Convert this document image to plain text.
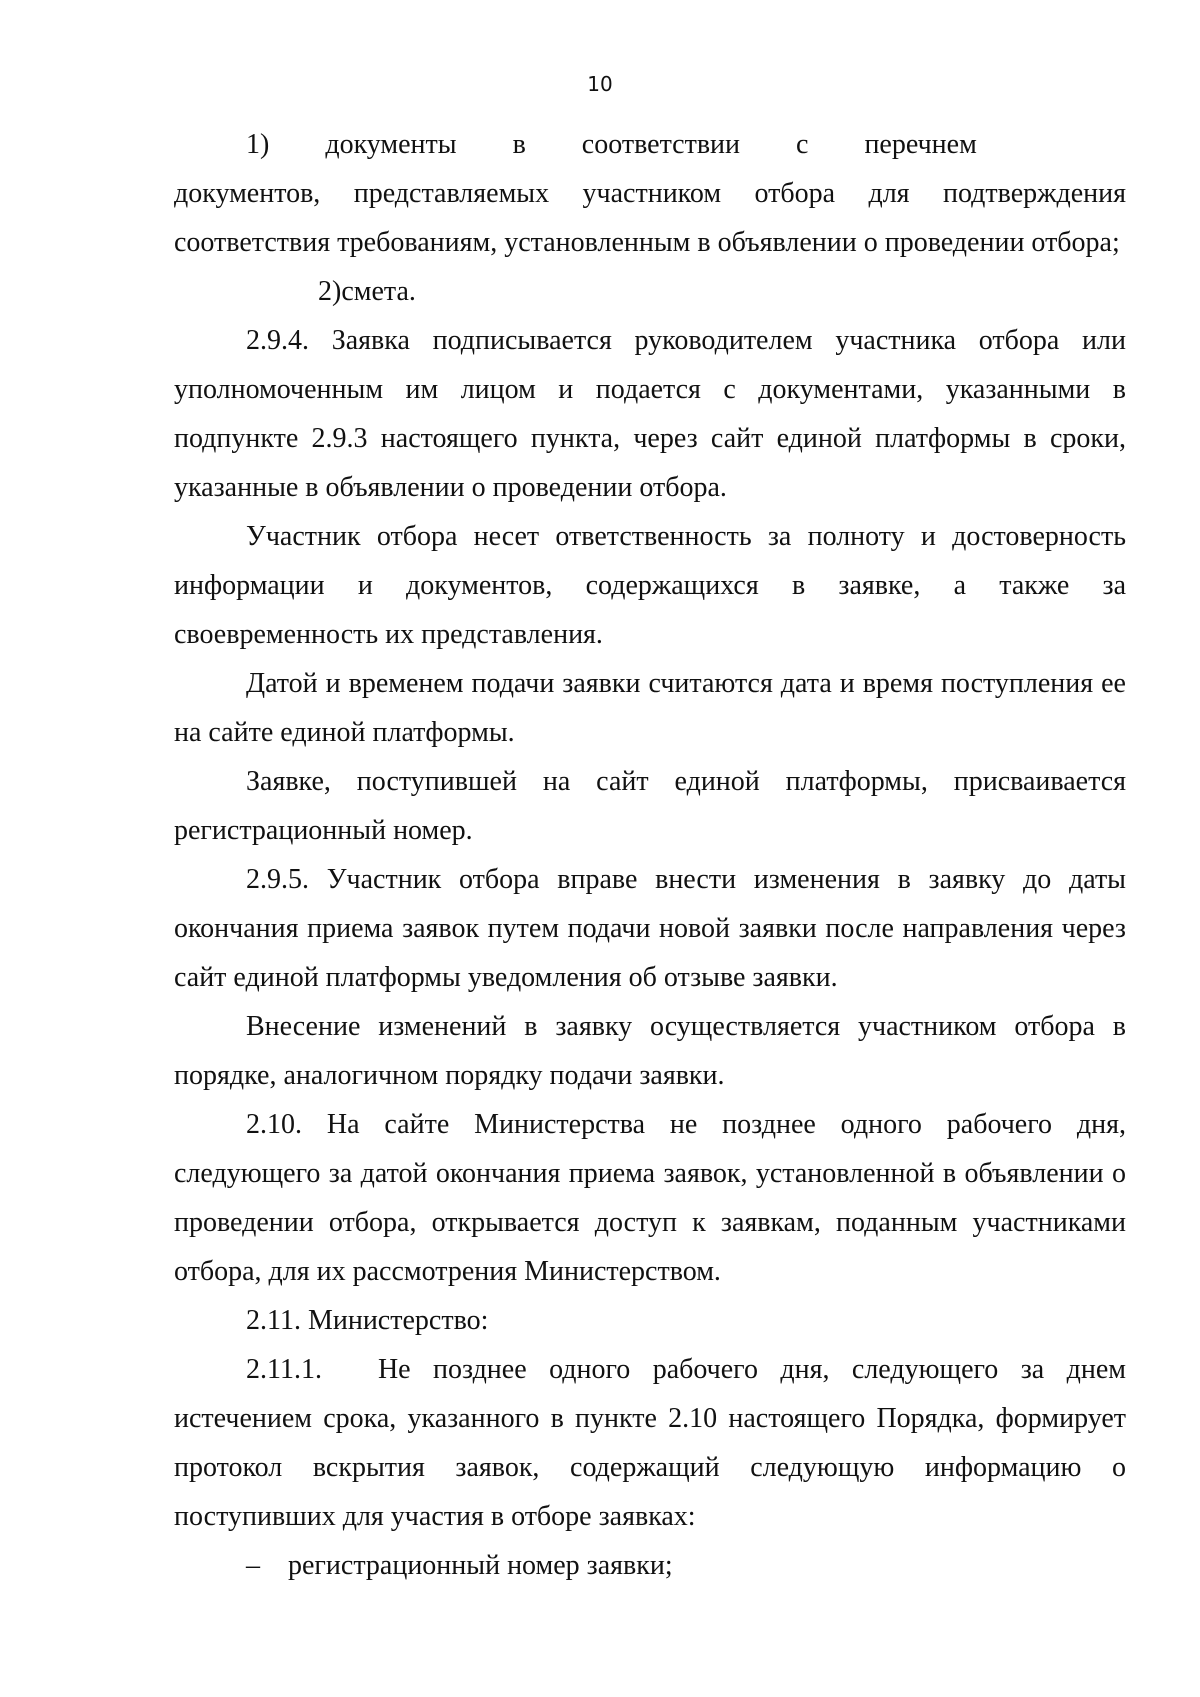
10

1)  документы  в  соответствии  с  перечнем  документов, представляемых участником отбора для подтверждения соответствия требованиям, установленным в объявлении о проведении отбора;

2)смета.

2.9.4. Заявка подписывается руководителем участника отбора или уполномоченным им лицом и подается с документами, указанными в подпункте 2.9.3 настоящего пункта, через сайт единой платформы в сроки, указанные в объявлении о проведении отбора.

Участник отбора несет ответственность за полноту и достоверность информации и документов, содержащихся в заявке, а также за своевременность их представления.

Датой и временем подачи заявки считаются дата и время поступления ее на сайте единой платформы.

Заявке, поступившей на сайт единой платформы, присваивается регистрационный номер.

2.9.5. Участник отбора вправе внести изменения в заявку до даты окончания приема заявок путем подачи новой заявки после направления через сайт единой платформы уведомления об отзыве заявки.

Внесение изменений в заявку осуществляется участником отбора в порядке, аналогичном порядку подачи заявки.

2.10. На сайте Министерства не позднее одного рабочего дня, следующего за датой окончания приема заявок, установленной в объявлении о проведении отбора, открывается доступ к заявкам, поданным участниками отбора, для их рассмотрения Министерством.

2.11. Министерство:

2.11.1.  Не позднее одного рабочего дня, следующего за днем истечением срока, указанного в пункте 2.10 настоящего Порядка, формирует протокол вскрытия заявок, содержащий следующую информацию о поступивших для участия в отборе заявках:

– регистрационный номер заявки;
